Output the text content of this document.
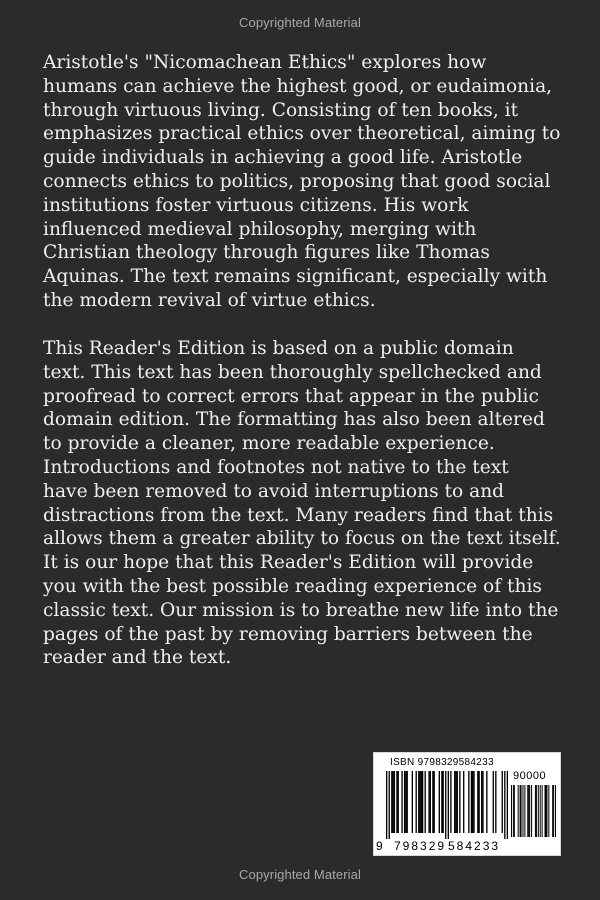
Copyrighted Material
Aristotle's "Nicomachean Ethics" explores how
humans can achieve the highest good, or eudaimonia,
through virtuous living. Consisting of ten books, it
emphasizes practical ethics over theoretical, aiming to
guide individuals in achieving a good life. Aristotle
connects ethics to politics, proposing that good social
institutions foster virtuous citizens. His work
influenced medieval philosophy, merging with
Christian theology through figures like Thomas
Aquinas. The text remains significant, especially with
the modern revival of virtue ethics.
This Reader's Edition is based on a public domain
text. This text has been thoroughly spellchecked and
proofread to correct errors that appear in the public
domain edition. The formatting has also been altered
to provide a cleaner, more readable experience.
Introductions and footnotes not native to the text
have been removed to avoid interruptions to and
distractions from the text. Many readers find that this
allows them a greater ability to focus on the text itself.
It is our hope that this Reader's Edition will provide
you with the best possible reading experience of this
classic text. Our mission is to breathe new life into the
pages of the past by removing barriers between the
reader and the text.
ISBN 9798329584233
90000
9 798329 584233
Copyrighted Material
